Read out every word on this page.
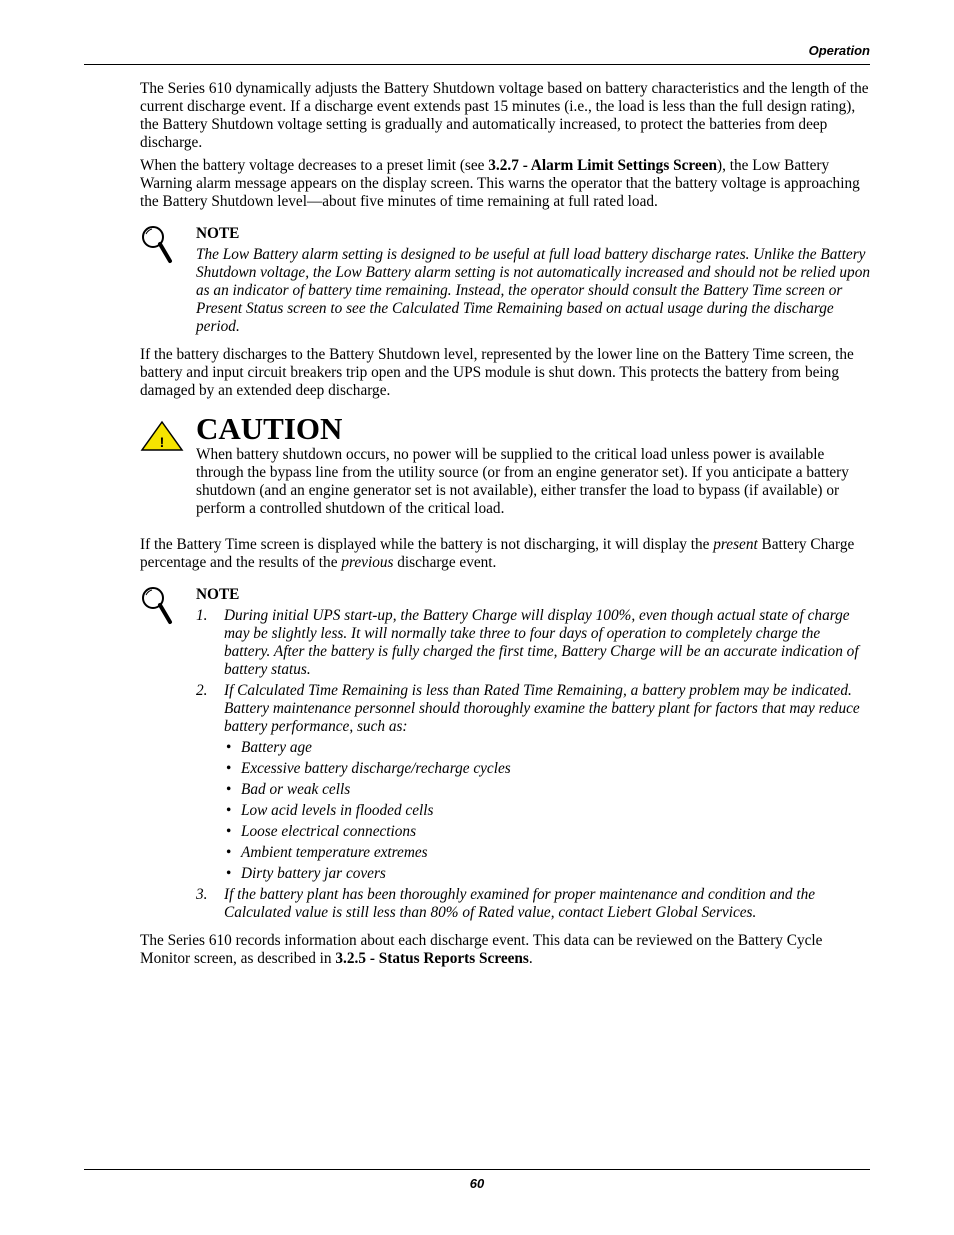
Operation

The Series 610 dynamically adjusts the Battery Shutdown voltage based on battery characteristics and the length of the current discharge event. If a discharge event extends past 15 minutes (i.e., the load is less than the full design rating), the Battery Shutdown voltage setting is gradually and automatically increased, to protect the batteries from deep discharge.

When the battery voltage decreases to a preset limit (see 3.2.7 - Alarm Limit Settings Screen), the Low Battery Warning alarm message appears on the display screen. This warns the operator that the battery voltage is approaching the Battery Shutdown level—about five minutes of time remaining at full rated load.

NOTE
The Low Battery alarm setting is designed to be useful at full load battery discharge rates. Unlike the Battery Shutdown voltage, the Low Battery alarm setting is not automatically increased and should not be relied upon as an indicator of battery time remaining. Instead, the operator should consult the Battery Time screen or Present Status screen to see the Calculated Time Remaining based on actual usage during the discharge period.

If the battery discharges to the Battery Shutdown level, represented by the lower line on the Battery Time screen, the battery and input circuit breakers trip open and the UPS module is shut down. This protects the battery from being damaged by an extended deep discharge.

! CAUTION
When battery shutdown occurs, no power will be supplied to the critical load unless power is available through the bypass line from the utility source (or from an engine generator set). If you anticipate a battery shutdown (and an engine generator set is not available), either transfer the load to bypass (if available) or perform a controlled shutdown of the critical load.

If the Battery Time screen is displayed while the battery is not discharging, it will display the present Battery Charge percentage and the results of the previous discharge event.

NOTE
1. During initial UPS start-up, the Battery Charge will display 100%, even though actual state of charge may be slightly less. It will normally take three to four days of operation to completely charge the battery. After the battery is fully charged the first time, Battery Charge will be an accurate indication of battery status.
2. If Calculated Time Remaining is less than Rated Time Remaining, a battery problem may be indicated. Battery maintenance personnel should thoroughly examine the battery plant for factors that may reduce battery performance, such as:
• Battery age
• Excessive battery discharge/recharge cycles
• Bad or weak cells
• Low acid levels in flooded cells
• Loose electrical connections
• Ambient temperature extremes
• Dirty battery jar covers
3. If the battery plant has been thoroughly examined for proper maintenance and condition and the Calculated value is still less than 80% of Rated value, contact Liebert Global Services.

The Series 610 records information about each discharge event. This data can be reviewed on the Battery Cycle Monitor screen, as described in 3.2.5 - Status Reports Screens.

60
